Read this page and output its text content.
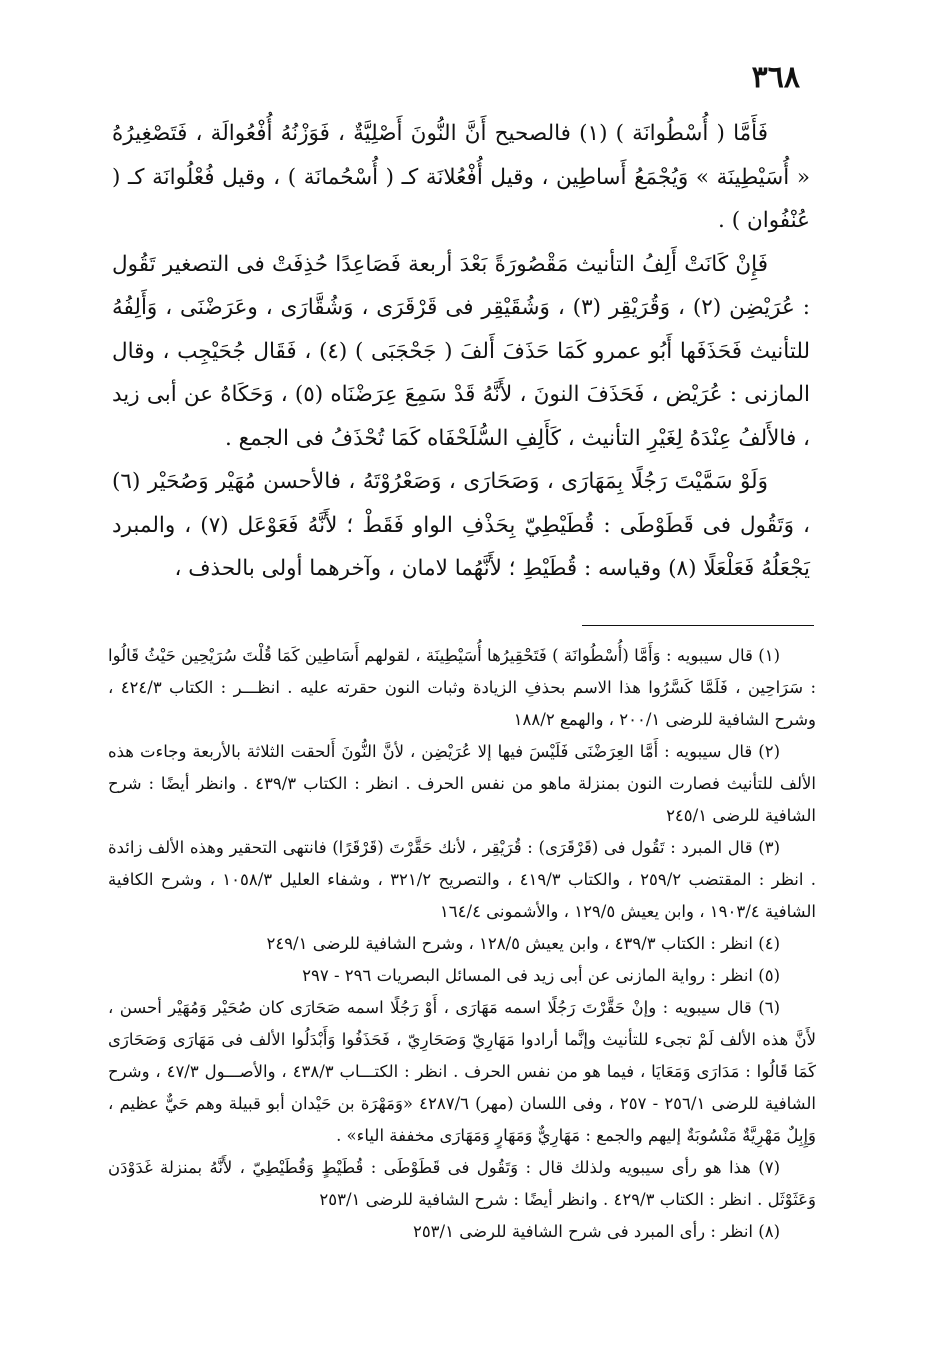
٣٦٨

فَأَمَّا ( أُسْطُوانَة ) (١) فالصحيح أَنَّ النُّونَ أَصْلِيَّةٌ ، فَوَزْنُهُ أُفْعُوالَة ، فَتَصْغِيرُهُ « أُسَيْطِينَة » وَيُجْمَعُ أَساطِين ، وقيل أُفْعُلانَة كـ ( أُسْحُمانَة ) ، وقيل فُعْلُوانَة كـ ( عُنْفُوان ) .

فَإِنْ كَانَتْ أَلِفُ التأنيث مَقْصُورَةً بَعْدَ أربعة فَصَاعِدًا حُذِفَتْ فى التصغير تَقُول : عُرَيْضِن (٢) ، وَقُرَيْقِر (٣) ، وَشُقَيْقِر فى قَرْقَرَى ، وَشُقَّارَى ، وعَرَضْنَى ، وَأَلِفُهُ للتأنيث فَحَذَفَها أَبُو عمرو كَمَا حَذَفَ أَلفَ ( جَحْجَبَى ) (٤) ، فَقَال جُحَيْجِب ، وقال المازنى : عُرَيْض ، فَحَذَفَ النونَ ، لأَنَّهُ قَدْ سَمِعَ عِرَضْنَاه (٥) ، وَحَكَاهُ عن أبى زيد ، فالأَلفُ عِنْدَهُ لِغَيْرِ التأنيث ، كَأَلِفِ السُّلَحْفَاه كَمَا تُحْذَفُ فى الجمع .

وَلَوْ سَمَّيْتَ رَجُلًا بِمَهَارَى ، وَصَحَارَى ، وَصَعْرُوْتَهُ ، فالأحسن مُهَيْر وَصُحَيْر (٦) ، وَتَقُول فى قَطَوْطَى : قُطَيْطِيّ بِحَذْفِ الواو فَقَطْ ؛ لأَنَّهُ فَعَوْعَل (٧) ، والمبرد يَجْعَلُهُ فَعَلْعَلًا (٨) وقياسه : قُطَيْطِ ؛ لأَنَّهُما لامان ، وآخرهما أولى بالحذف ،

(١) قال سيبويه : وَأَمَّا (أُسْطُوانَة ) فَتَحْقِيرُها أُسَيْطِينَة ، لقولهم أَسَاطِين كَمَا قُلْتَ سُرَيْحِين حَيْثُ قَالُوا : سَرَاحِين ، فَلَمَّا كَسَّرُوا هذا الاسم بحذفِ الزيادة وثبات النون حقرته عليه . انظـــر : الكتاب ٤٢٤/٣ ، وشرح الشافية للرضى ٢٠٠/١ ، والهمع ١٨٨/٢

(٢) قال سيبويه : أَمَّا العِرَضْنَى فَلَيْسَ فيها إلا عُرَيْضِن ، لأنَّ النُّونَ أَلحقت الثلاثة بالأربعة وجاءت هذه الألف للتأنيث فصارت النون بمنزلة ماهو من نفس الحرف . انظر : الكتاب ٤٣٩/٣ . وانظر أيضًا : شرح الشافية للرضى ٢٤٥/١

(٣) قال المبرد : تَقُول فى (قَرْقَرَى) : قُرَيْقِر ، لأنك حَقَّرْتَ (قَرْقَرًا) فانتهى التحقير وهذه الألف زائدة . انظر : المقتضب ٢٥٩/٢ ، والكتاب ٤١٩/٣ ، والتصريح ٣٢١/٢ ، وشفاء العليل ١٠٥٨/٣ ، وشرح الكافية الشافية ١٩٠٣/٤ ، وابن يعيش ١٢٩/٥ ، والأشمونى ١٦٤/٤

(٤) انظر : الكتاب ٤٣٩/٣ ، وابن يعيش ١٢٨/٥ ، وشرح الشافية للرضى ٢٤٩/١

(٥) انظر : رواية المازنى عن أبى زيد فى المسائل البصريات ٢٩٦ - ٢٩٧

(٦) قال سيبويه : وإنْ حَقَّرْتَ رَجُلًا اسمه مَهَارَى ، أَوْ رَجُلًا اسمه صَحَارَى كان صُحَيْر وَمُهَيْر أحسن ، لأَنَّ هذه الألف لَمْ تجىء للتأنيث وإنَّما أرادوا مَهَارِيّ وَصَحَارِيّ ، فَحَذَفُوا وَأَبْدَلُوا الألف فى مَهَارَى وَصَحَارَى كَمَا قَالُوا : مَدَارَى وَمَعَايَا ، فيما هو من نفس الحرف . انظر : الكتـــاب ٤٣٨/٣ ، والأصـــول ٤٧/٣ ، وشرح الشافية للرضى ٢٥٦/١ - ٢٥٧ ، وفى اللسان (مهر) ٤٢٨٧/٦ «وَمَهْرَة بن حَيْدان أبو قبيلة وهم حَيٌّ عظيم ، وَإِبِلٌ مَهْرِيَّةٌ مَنْسُوبَةٌ إليهم والجمع : مَهَارِيٌّ وَمَهَارٍ وَمَهَارَى مخففة الياء» .

(٧) هذا هو رأى سيبويه ولذلك قال : وَتَقُول فى قَطَوْطَى : قُطَيْطٍ وَقُطَيْطِيّ ، لأَنَّهُ بمنزلة غَدَوْدَن وَعَثَوْثَل . انظر : الكتاب ٤٢٩/٣ . وانظر أيضًا : شرح الشافية للرضى ٢٥٣/١

(٨) انظر : رأى المبرد فى شرح الشافية للرضى ٢٥٣/١
